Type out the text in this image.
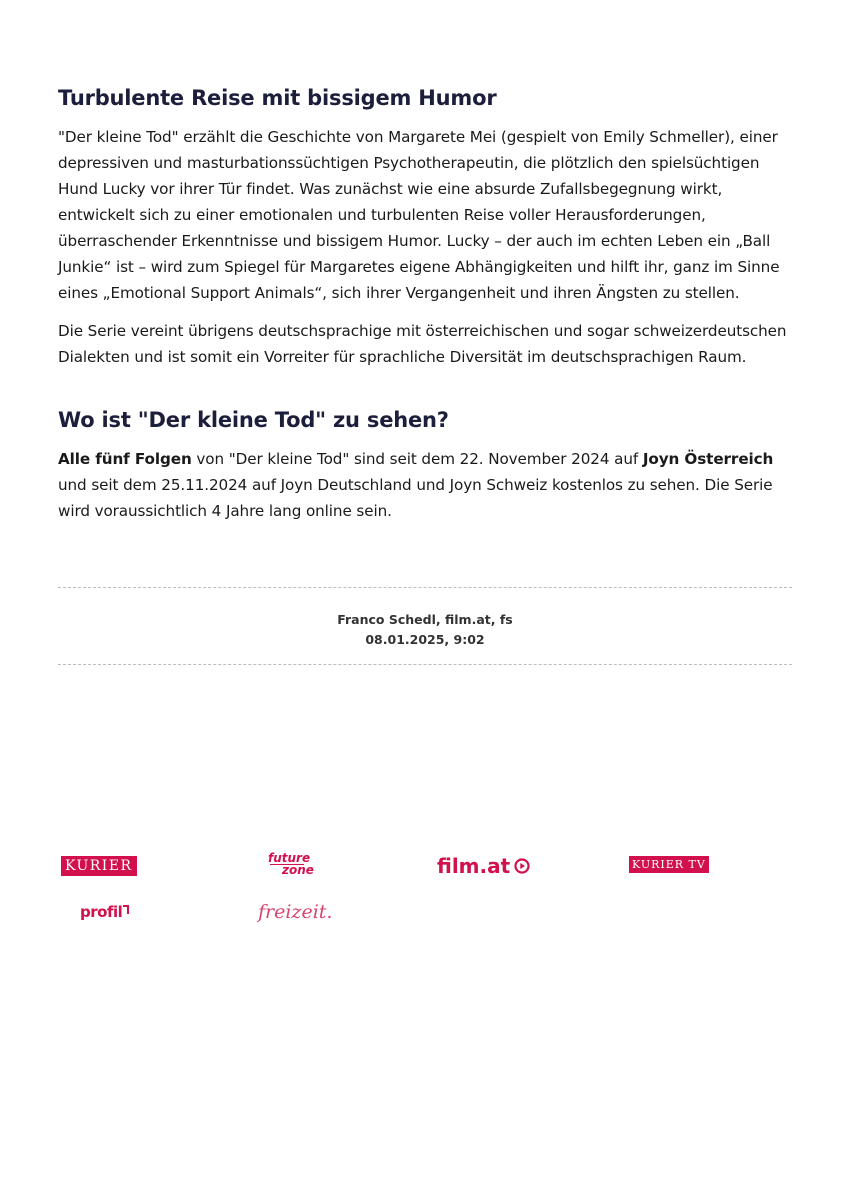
Turbulente Reise mit bissigem Humor

"Der kleine Tod" erzählt die Geschichte von Margarete Mei (gespielt von Emily Schmeller), einer depressiven und masturbationssüchtigen Psychotherapeutin, die plötzlich den spielsüchtigen Hund Lucky vor ihrer Tür findet. Was zunächst wie eine absurde Zufallsbegegnung wirkt, entwickelt sich zu einer emotionalen und turbulenten Reise voller Herausforderungen, überraschender Erkenntnisse und bissigem Humor. Lucky – der auch im echten Leben ein „Ball Junkie“ ist – wird zum Spiegel für Margaretes eigene Abhängigkeiten und hilft ihr, ganz im Sinne eines „Emotional Support Animals“, sich ihrer Vergangenheit und ihren Ängsten zu stellen.

Die Serie vereint übrigens deutschsprachige mit österreichischen und sogar schweizerdeutschen Dialekten und ist somit ein Vorreiter für sprachliche Diversität im deutschsprachigen Raum.

Wo ist "Der kleine Tod" zu sehen?

Alle fünf Folgen von "Der kleine Tod" sind seit dem 22. November 2024 auf Joyn Österreich und seit dem 25.11.2024 auf Joyn Deutschland und Joyn Schweiz kostenlos zu sehen. Die Serie wird voraussichtlich 4 Jahre lang online sein.

Franco Schedl, film.at, fs
08.01.2025, 9:02
KURIER	future
zone	film.at	KURIER TV
profil	freizeit.
